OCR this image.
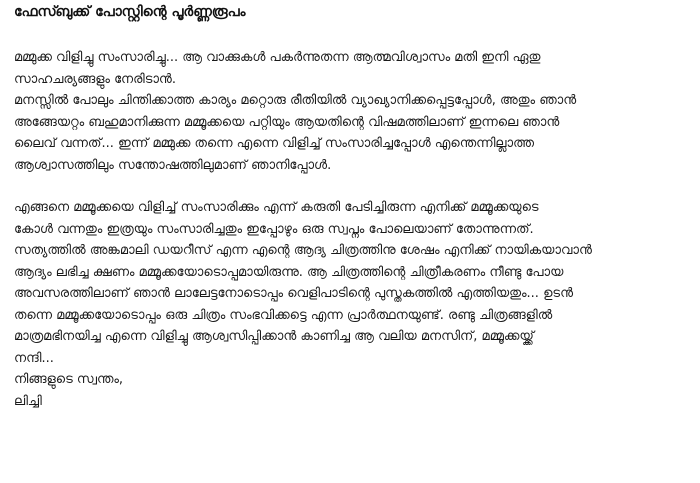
ഫേസ്ബുക്ക് പോസ്റ്റിന്റെ പൂർണ്ണരൂപം
മമ്മുക്ക വിളിച്ചു സംസാരിച്ചു... ആ വാക്കുകൾ പകർന്നുതന്ന ആത്മവിശ്വാസം മതി ഇനി ഏതു
സാഹചര്യങ്ങളും നേരിടാൻ.
മനസ്സിൽ പോലും ചിന്തിക്കാത്ത കാര്യം മറ്റൊരു രീതിയിൽ വ്യാഖ്യാനിക്കപ്പെട്ടപ്പോൾ, അതും ഞാൻ
അങ്ങേയറ്റം ബഹുമാനിക്കുന്ന മമ്മൂക്കയെ പറ്റിയും ആയതിന്റെ വിഷമത്തിലാണ് ഇന്നലെ ഞാൻ
ലൈവ് വന്നത്... ഇന്ന് മമ്മുക്ക തന്നെ എന്നെ വിളിച്ച് സംസാരിച്ചപ്പോൾ എന്തെന്നില്ലാത്ത
ആശ്വാസത്തിലും സന്തോഷത്തിലുമാണ് ഞാനിപ്പോൾ.
എങ്ങനെ മമ്മൂക്കയെ വിളിച്ച് സംസാരിക്കും എന്ന് കരുതി പേടിച്ചിരുന്ന എനിക്ക് മമ്മൂക്കയുടെ
കോൾ വന്നതും ഇത്രയും സംസാരിച്ചതും ഇപ്പോഴും ഒരു സ്വപ്നം പോലെയാണ് തോന്നുന്നത്.
സത്യത്തിൽ അങ്കമാലി ഡയറീസ് എന്ന എന്റെ ആദ്യ ചിത്രത്തിനു ശേഷം എനിക്ക് നായികയാവാൻ
ആദ്യം ലഭിച്ച ക്ഷണം മമ്മൂക്കയോടൊപ്പമായിരുന്നു. ആ ചിത്രത്തിന്റെ ചിത്രീകരണം നീണ്ടു പോയ
അവസരത്തിലാണ് ഞാൻ ലാലേട്ടനോടൊപ്പം വെളിപാടിന്റെ പുസ്തകത്തിൽ എത്തിയതും... ഉടൻ
തന്നെ മമ്മൂക്കയോടൊപ്പം ഒരു ചിത്രം സംഭവിക്കട്ടെ എന്ന പ്രാർത്ഥനയുണ്ട്. രണ്ടു ചിത്രങ്ങളിൽ
മാത്രമഭിനയിച്ച എന്നെ വിളിച്ചു ആശ്വസിപ്പിക്കാൻ കാണിച്ച ആ വലിയ മനസിന്, മമ്മൂക്കയ്ക്ക്
നന്ദി...
നിങ്ങളുടെ സ്വന്തം,
ലിച്ചി
